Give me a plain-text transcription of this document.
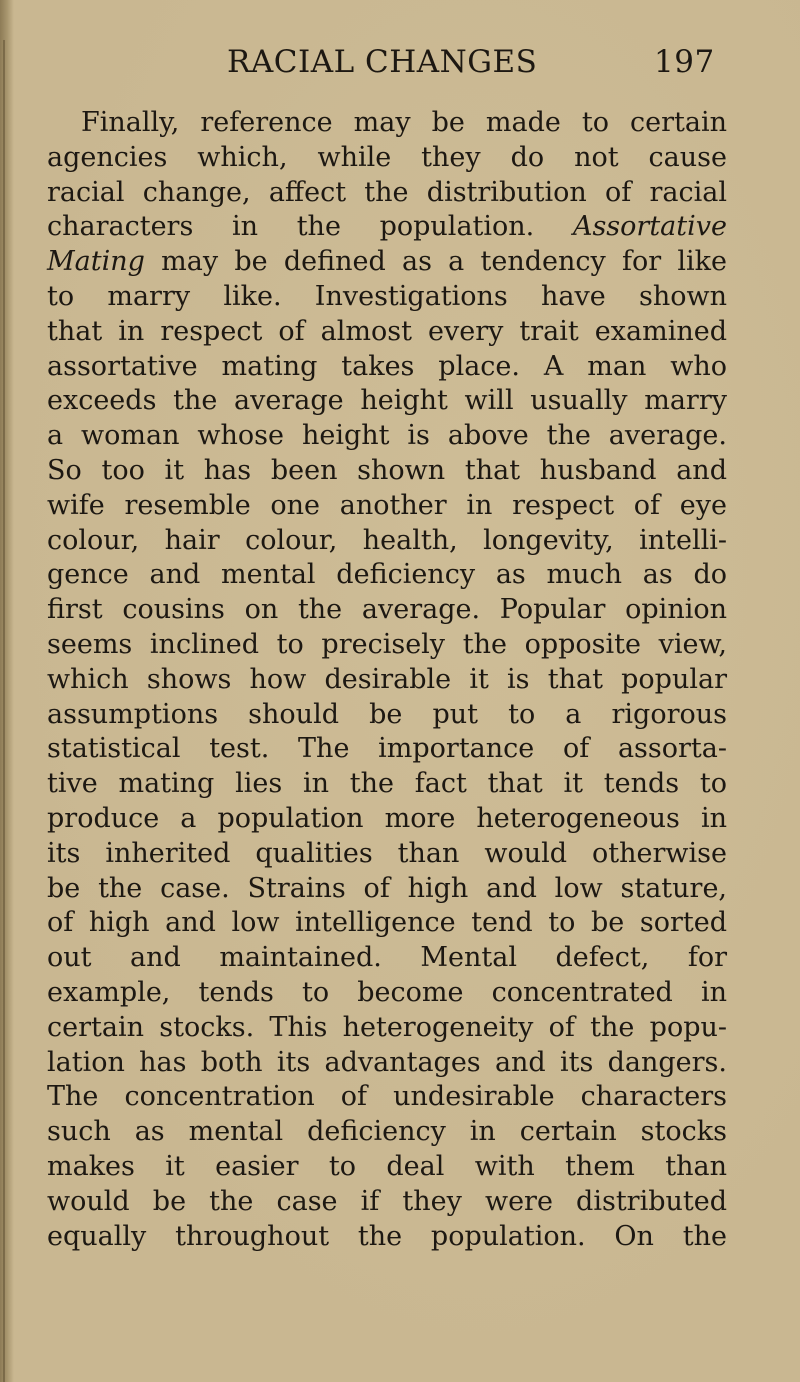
RACIAL CHANGES	197
Finally, reference may be made to certain
agencies which, while they do not cause
racial change, affect the distribution of racial
characters in the population. Assortative
Mating may be defined as a tendency for like
to marry like. Investigations have shown
that in respect of almost every trait examined
assortative mating takes place. A man who
exceeds the average height will usually marry
a woman whose height is above the average.
So too it has been shown that husband and
wife resemble one another in respect of eye
colour, hair colour, health, longevity, intelli-
gence and mental deficiency as much as do
first cousins on the average. Popular opinion
seems inclined to precisely the opposite view,
which shows how desirable it is that popular
assumptions should be put to a rigorous
statistical test. The importance of assorta-
tive mating lies in the fact that it tends to
produce a population more heterogeneous in
its inherited qualities than would otherwise
be the case. Strains of high and low stature,
of high and low intelligence tend to be sorted
out and maintained. Mental defect, for
example, tends to become concentrated in
certain stocks. This heterogeneity of the popu-
lation has both its advantages and its dangers.
The concentration of undesirable characters
such as mental deficiency in certain stocks
makes it easier to deal with them than
would be the case if they were distributed
equally throughout the population. On the
